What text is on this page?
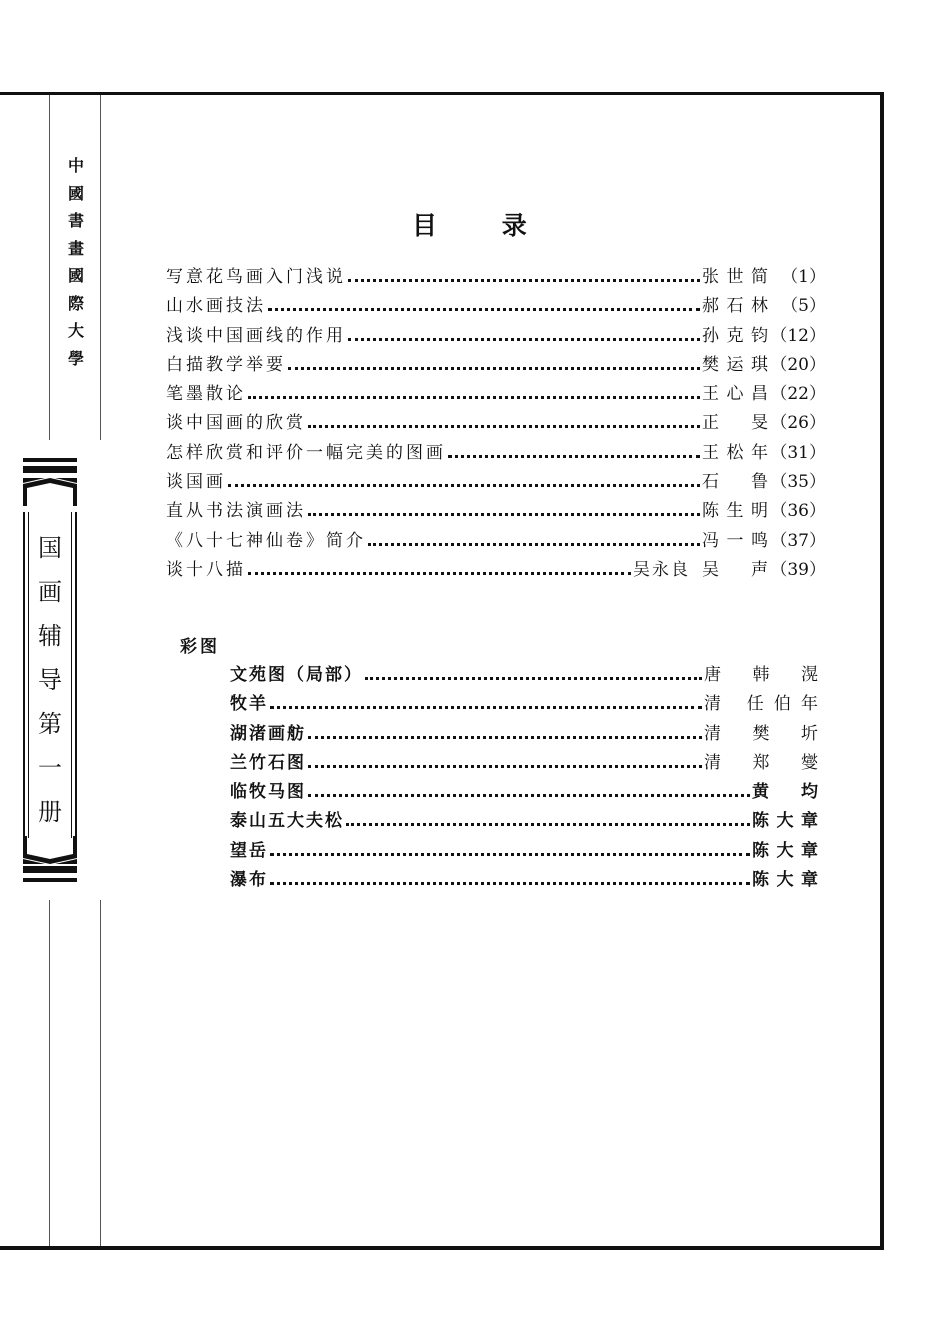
中
國
書
畫
國
際
大
學
国
画
辅
导
第
一
册
目 录
写意花鸟画入门浅说	张世简 （1）
山水画技法	郝石林 （5）
浅谈中国画线的作用	孙克钧 （12）
白描教学举要	樊运琪 （20）
笔墨散论	王心昌 （22）
谈中国画的欣赏	正 旻 （26）
怎样欣赏和评价一幅完美的图画	王松年 （31）
谈国画	石 鲁 （35）
直从书法演画法	陈生明 （36）
《八十七神仙卷》简介	冯一鸣 （37）
谈十八描	吴永良 吴 声 （39）
彩图
文苑图（局部）	唐 韩 滉
牧羊	清 任伯年
湖渚画舫	清 樊 圻
兰竹石图	清 郑 燮
临牧马图	黄 均
泰山五大夫松	陈大章
望岳	陈大章
瀑布	陈大章
